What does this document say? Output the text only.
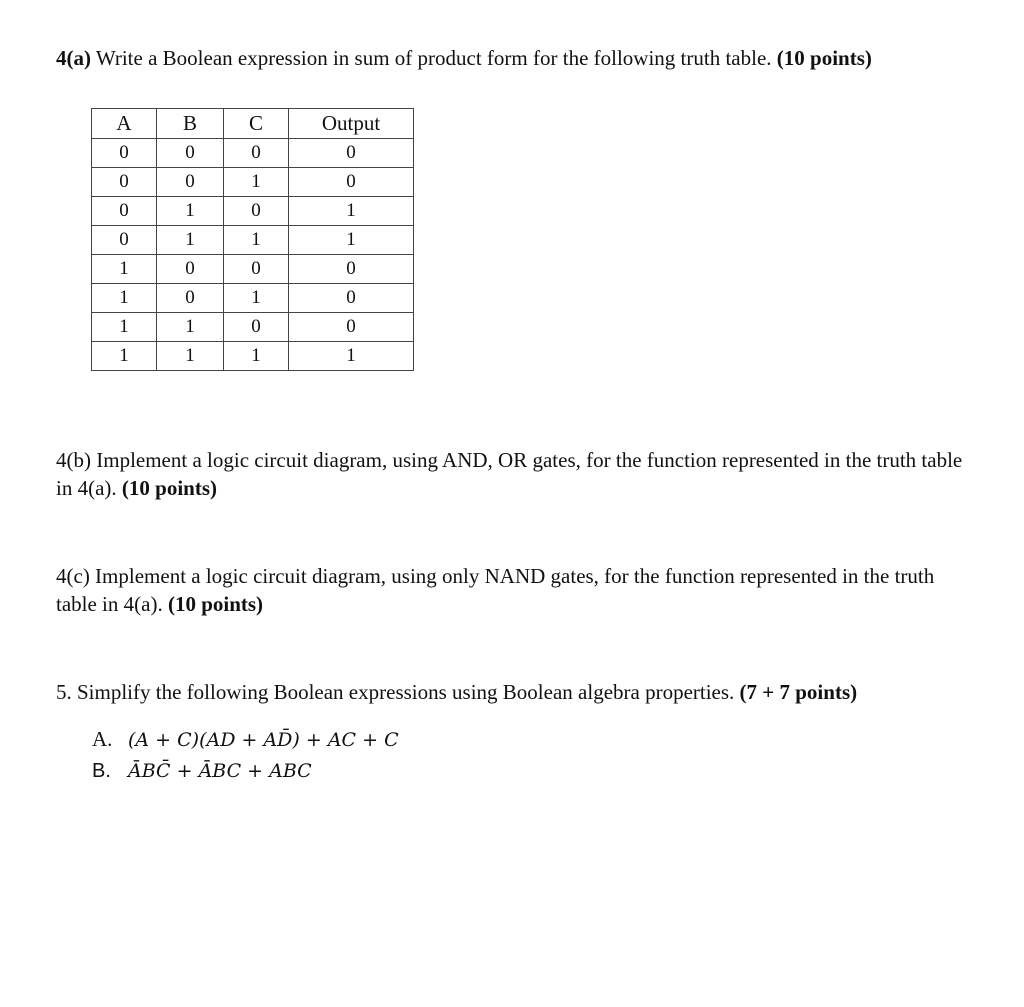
4(a) Write a Boolean expression in sum of product form for the following truth table. (10 points)

A	B	C	Output
0	0	0	0
0	0	1	0
0	1	0	1
0	1	1	1
1	0	0	0
1	0	1	0
1	1	0	0
1	1	1	1

4(b) Implement a logic circuit diagram, using AND, OR gates, for the function represented in the truth table in 4(a). (10 points)

4(c) Implement a logic circuit diagram, using only NAND gates, for the function represented in the truth table in 4(a). (10 points)

5. Simplify the following Boolean expressions using Boolean algebra properties. (7 + 7 points)

A. (A + C)(AD + AD̄) + AC + C
B. ĀBC̄ + ĀBC + ABC
